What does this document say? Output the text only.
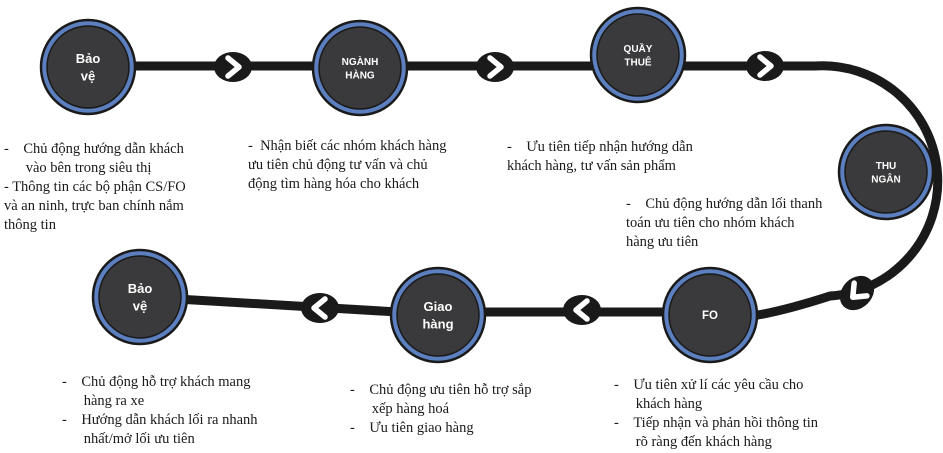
Bảo
vệ
NGÀNH
HÀNG
QUẦY
THUÊ
THU
NGÂN
FO
Giao
hàng
Bảo
vệ
-    Chủ động hướng dẫn khách
vào bên trong siêu thị
- Thông tin các bộ phận CS/FO
và an ninh, trực ban chính nắm
thông tin
-  Nhận biết các nhóm khách hàng
ưu tiên chủ động tư vấn và chủ
động tìm hàng hóa cho khách
-    Ưu tiên tiếp nhận hướng dẫn
khách hàng, tư vấn sản phẩm
-    Chủ động hướng dẫn lối thanh
toán ưu tiên cho nhóm khách
hàng ưu tiên
-    Ưu tiên xử lí các yêu cầu cho
khách hàng
-    Tiếp nhận và phản hồi thông tin
rõ ràng đến khách hàng
-    Chủ động ưu tiên hỗ trợ sắp
xếp hàng hoá
-    Ưu tiên giao hàng
-    Chủ động hỗ trợ khách mang
hàng ra xe
-    Hướng dẫn khách lối ra nhanh
nhất/mở lối ưu tiên
